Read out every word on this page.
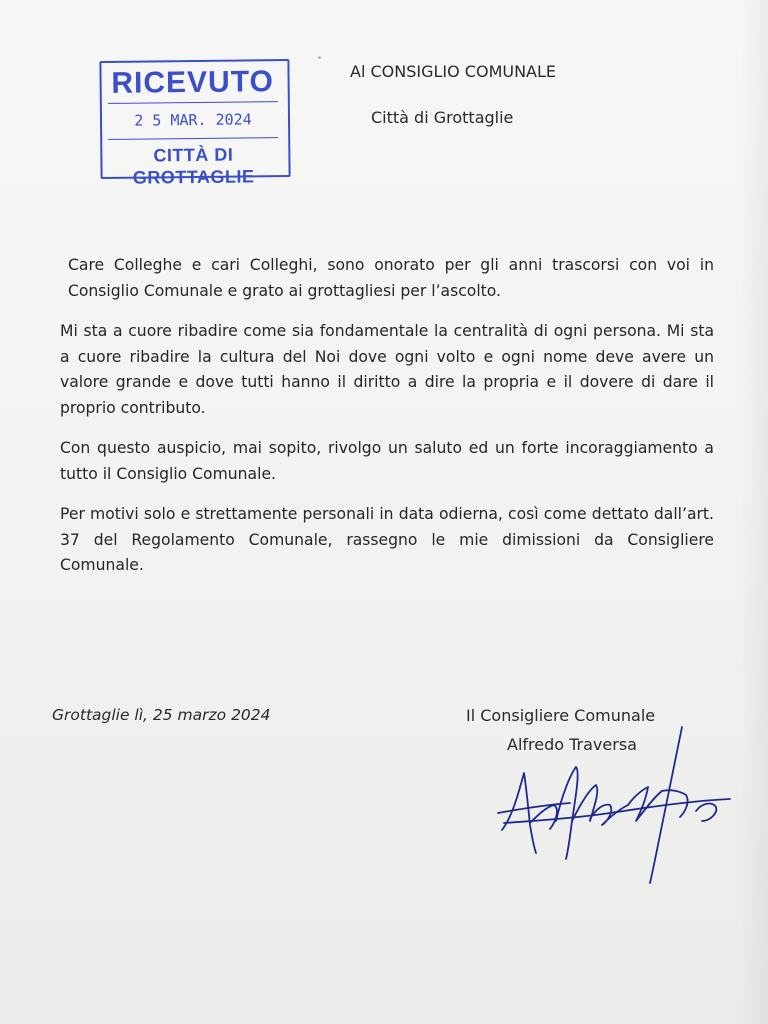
RICEVUTO
2 5 MAR. 2024
CITTÀ DI GROTTAGLIE
Al CONSIGLIO COMUNALE
Città di Grottaglie

Care Colleghe e cari Colleghi, sono onorato per gli anni trascorsi con voi in Consiglio Comunale e grato ai grottagliesi per l’ascolto.

Mi sta a cuore ribadire come sia fondamentale la centralità di ogni persona. Mi sta a cuore ribadire la cultura del Noi dove ogni volto e ogni nome deve avere un valore grande e dove tutti hanno il diritto a dire la propria e il dovere di dare il proprio contributo.

Con questo auspicio, mai sopito, rivolgo un saluto ed un forte incoraggiamento a tutto il Consiglio Comunale.

Per motivi solo e strettamente personali in data odierna, così come dettato dall’art. 37 del Regolamento Comunale, rassegno le mie dimissioni da Consigliere Comunale.

Grottaglie lì, 25 marzo 2024	Il Consigliere Comunale
Alfredo Traversa
